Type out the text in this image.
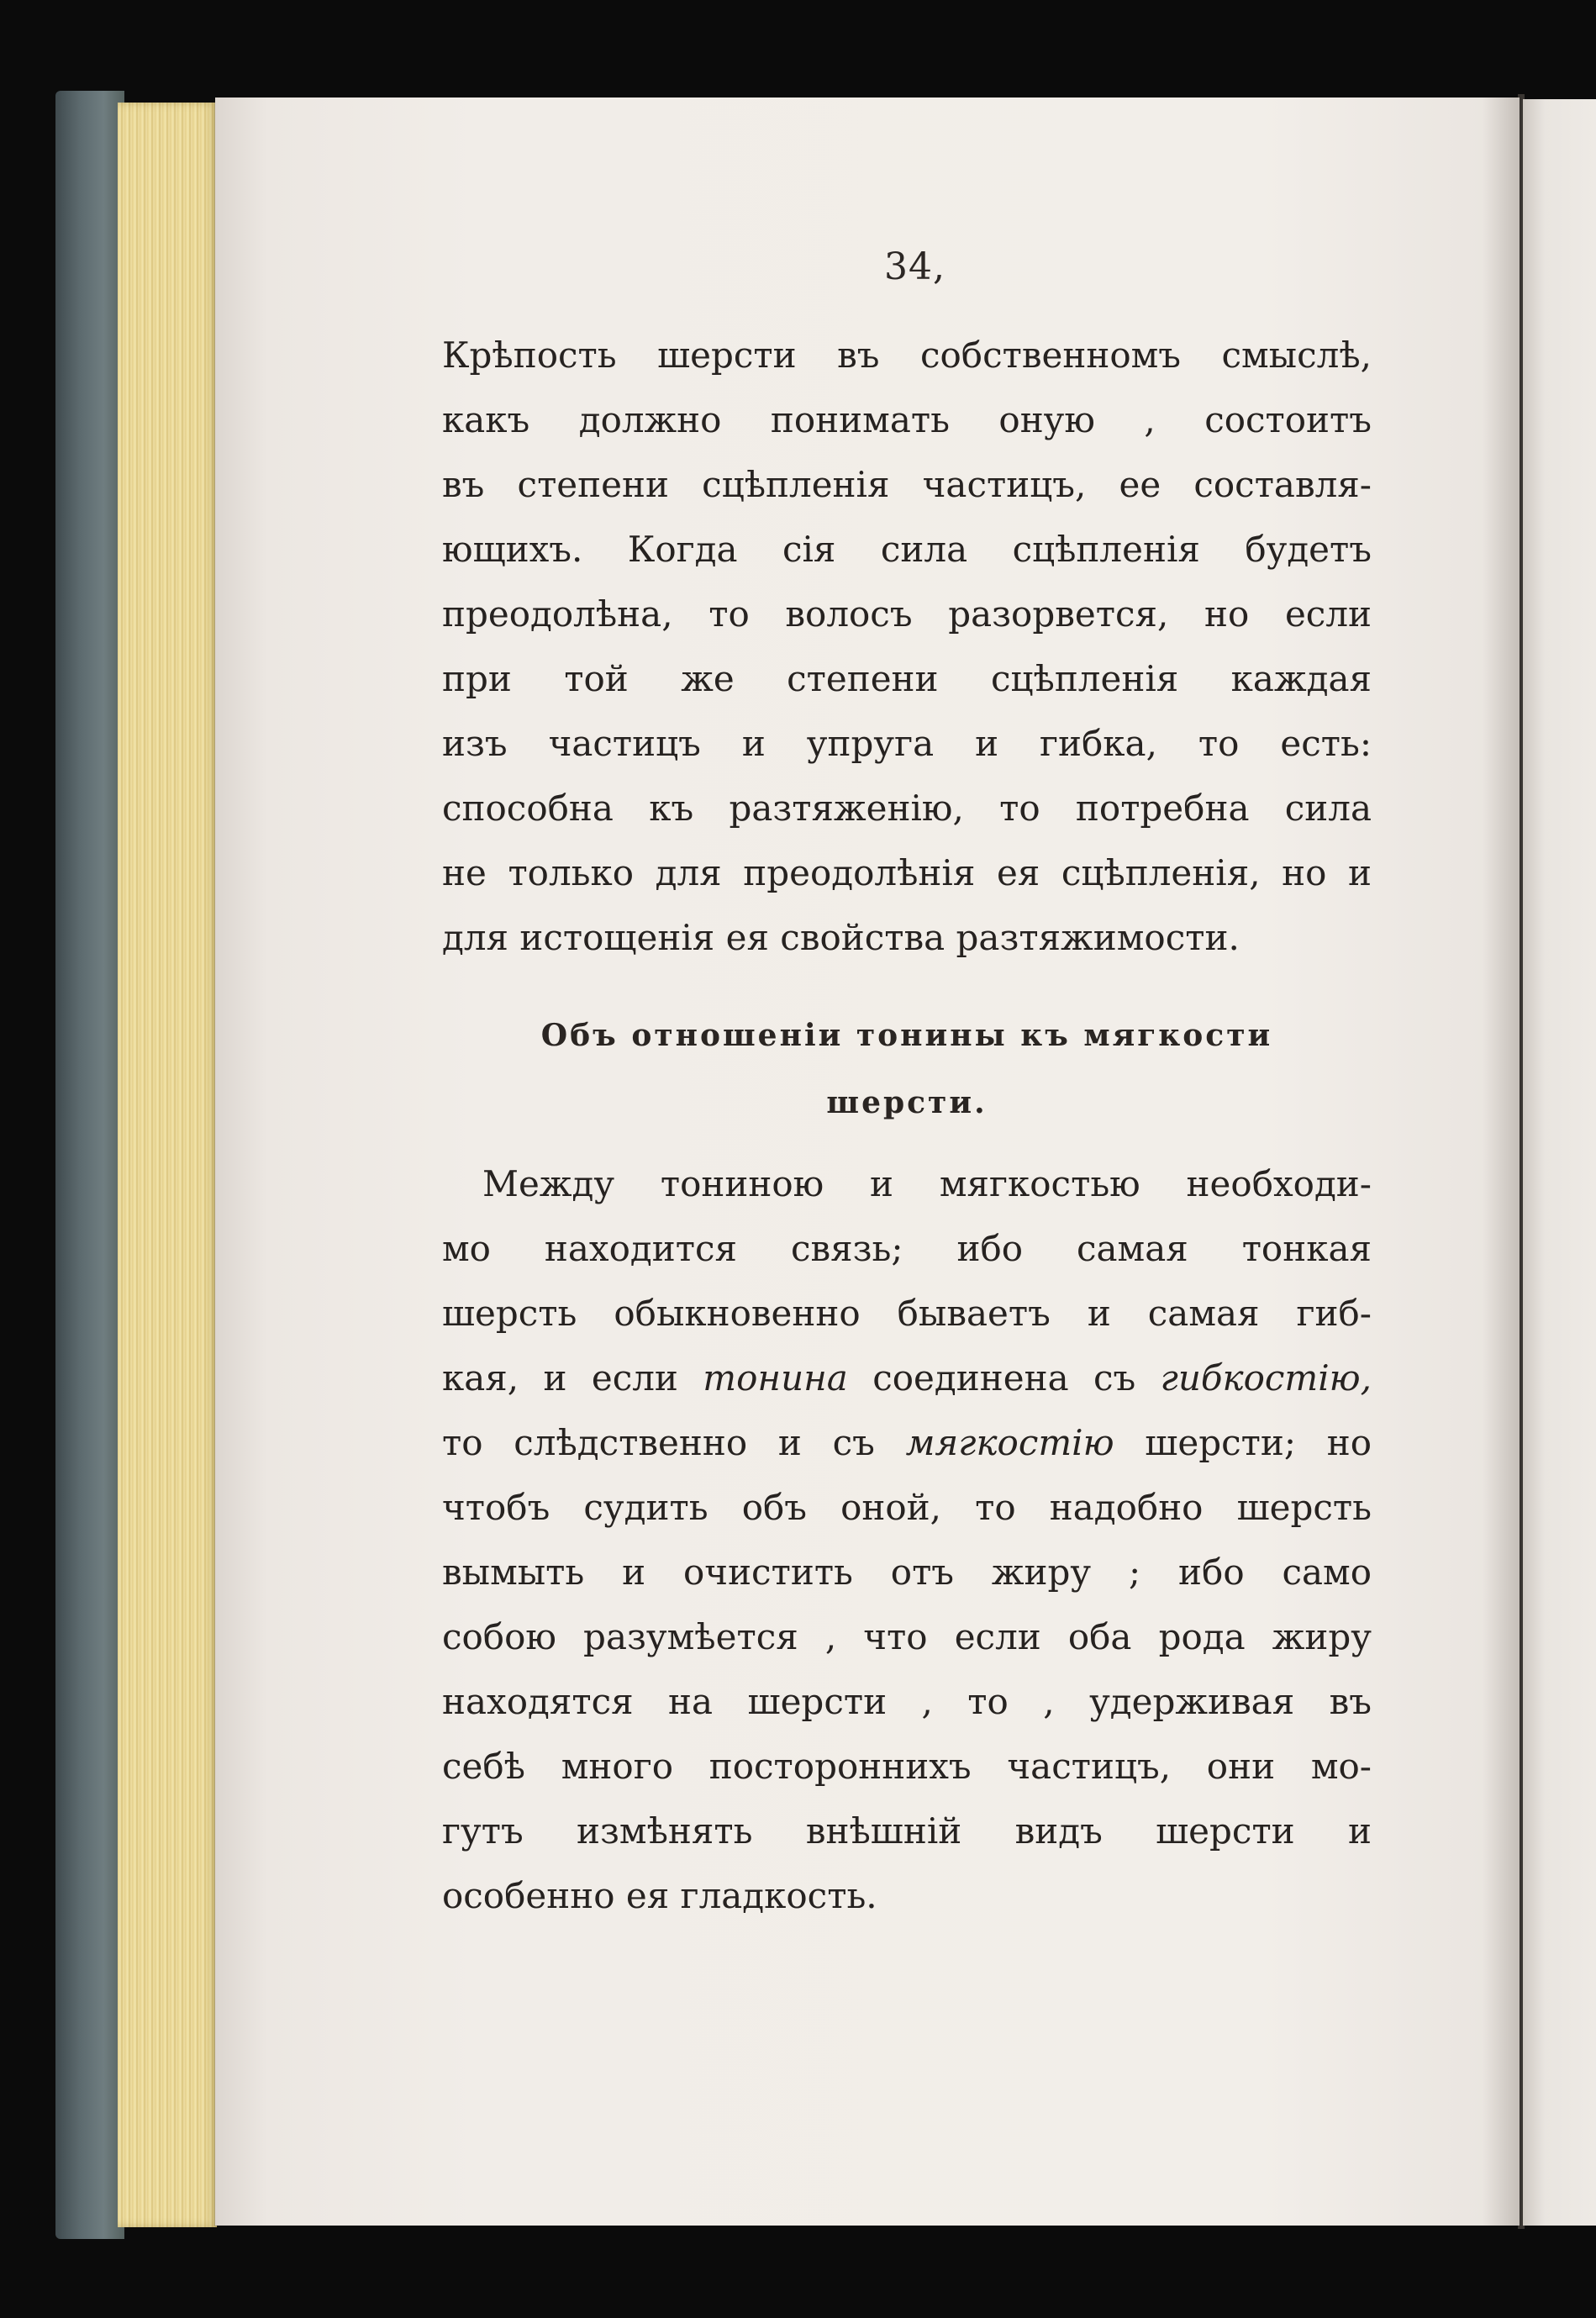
34,
Крѣпость шерсти въ собственномъ смыслѣ,
какъ должно понимать оную , состоитъ
въ степени сцѣпленія частицъ, ее составля-
ющихъ. Когда сія сила сцѣпленія будетъ
преодолѣна, то волосъ разорвется, но если
при той же степени сцѣпленія каждая
изъ частицъ и упруга и гибка, то есть:
способна къ разтяженію, то потребна сила
не только для преодолѣнія ея сцѣпленія, но и
для истощенія ея свойства разтяжимости.
Объ отношеніи тонины къ мягкости
шерсти.
Между тониною и мягкостью необходи-
мо находится связь; ибо самая тонкая
шерсть обыкновенно бываетъ и самая гиб-
кая, и если тонина соединена съ гибкостію,
то слѣдственно и съ мягкостію шерсти; но
чтобъ судить объ оной, то надобно шерсть
вымыть и очистить отъ жиру ; ибо само
собою разумѣется , что если оба рода жиру
находятся на шерсти , то , удерживая въ
себѣ много постороннихъ частицъ, они мо-
гутъ измѣнять внѣшній видъ шерсти и
особенно ея гладкость.
